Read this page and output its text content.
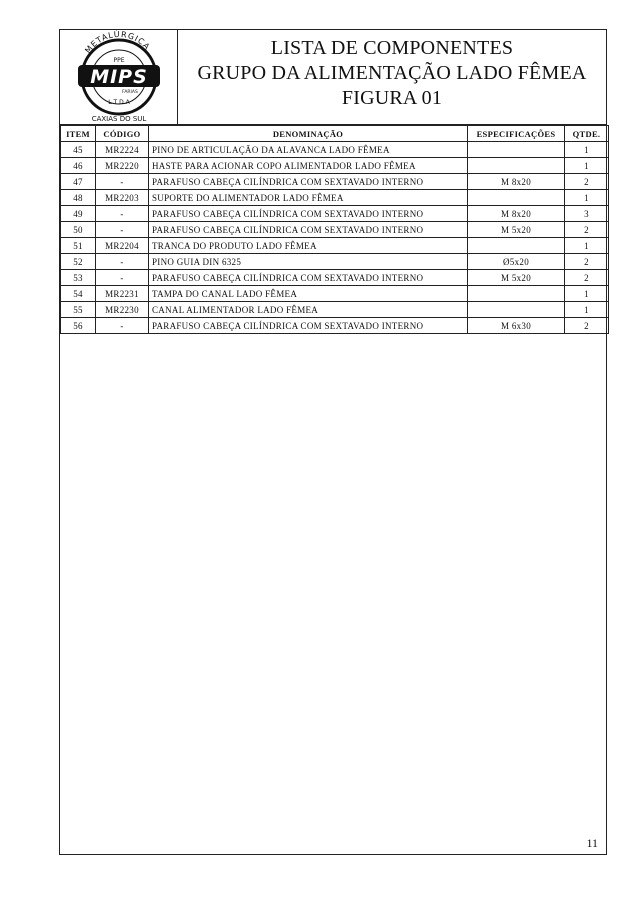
METALÚRGICA
PPE
MIPS
FARIAS
L T D A
CAXIAS DO SUL
LISTA DE COMPONENTES
GRUPO DA ALIMENTAÇÃO LADO FÊMEA
FIGURA 01
ITEM	CÓDIGO	DENOMINAÇÃO	ESPECIFICAÇÕES	QTDE.
45	MR2224	PINO DE ARTICULAÇÃO DA ALAVANCA LADO FÊMEA		1
46	MR2220	HASTE PARA ACIONAR COPO ALIMENTADOR LADO FÊMEA		1
47	-	PARAFUSO CABEÇA CILÍNDRICA COM SEXTAVADO INTERNO	M 8x20	2
48	MR2203	SUPORTE DO ALIMENTADOR LADO FÊMEA		1
49	-	PARAFUSO CABEÇA CILÍNDRICA COM SEXTAVADO INTERNO	M 8x20	3
50	-	PARAFUSO CABEÇA CILÍNDRICA COM SEXTAVADO INTERNO	M 5x20	2
51	MR2204	TRANCA DO PRODUTO LADO FÊMEA		1
52	-	PINO GUIA DIN 6325	Ø5x20	2
53	-	PARAFUSO CABEÇA CILÍNDRICA COM SEXTAVADO INTERNO	M 5x20	2
54	MR2231	TAMPA DO CANAL LADO FÊMEA		1
55	MR2230	CANAL ALIMENTADOR LADO FÊMEA		1
56	-	PARAFUSO CABEÇA CILÍNDRICA COM SEXTAVADO INTERNO	M 6x30	2
11
